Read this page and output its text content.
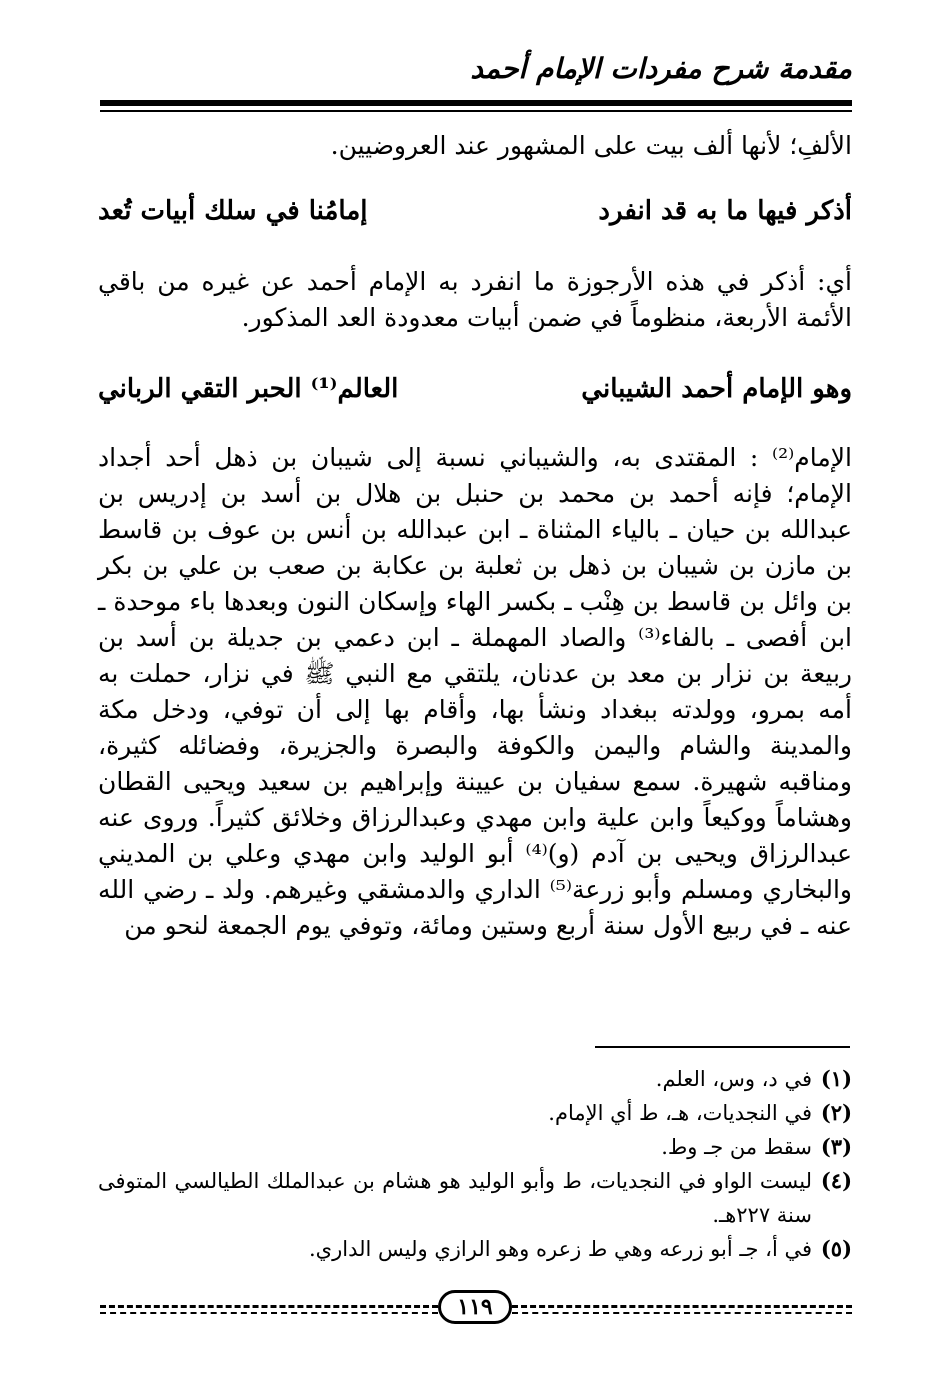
مقدمة شرح مفردات الإمام أحمد
الألفِ؛ لأنها ألف بيت على المشهور عند العروضيين.
أذكر فيها ما به قد انفرد
إمامُنا في سلك أبيات تُعد
أي: أذكر في هذه الأرجوزة ما انفرد به الإمام أحمد عن غيره من باقي الأئمة الأربعة، منظوماً في ضمن أبيات معدودة العد المذكور.
وهو الإمام أحمد الشيباني
العالم⁽¹⁾ الحبر التقي الرباني
الإمام⁽²⁾ : المقتدى به، والشيباني نسبة إلى شيبان بن ذهل أحد أجداد الإمام؛ فإنه أحمد بن محمد بن حنبل بن هلال بن أسد بن إدريس بن عبدالله بن حيان ـ بالياء المثناة ـ ابن عبدالله بن أنس بن عوف بن قاسط بن مازن بن شيبان بن ذهل بن ثعلبة بن عكابة بن صعب بن علي بن بكر بن وائل بن قاسط بن هِنْب ـ بكسر الهاء وإسكان النون وبعدها باء موحدة ـ ابن أفصى ـ بالفاء⁽³⁾ والصاد المهملة ـ ابن دعمي بن جديلة بن أسد بن ربيعة بن نزار بن معد بن عدنان، يلتقي مع النبي ﷺ في نزار، حملت به أمه بمرو، وولدته ببغداد ونشأ بها، وأقام بها إلى أن توفي، ودخل مكة والمدينة والشام واليمن والكوفة والبصرة والجزيرة، وفضائله كثيرة، ومناقبه شهيرة. سمع سفيان بن عيينة وإبراهيم بن سعيد ويحيى القطان وهشاماً ووكيعاً وابن علية وابن مهدي وعبدالرزاق وخلائق كثيراً. وروى عنه عبدالرزاق ويحيى بن آدم (و)⁽⁴⁾ أبو الوليد وابن مهدي وعلي بن المديني والبخاري ومسلم وأبو زرعة⁽⁵⁾ الداري والدمشقي وغيرهم. ولد ـ رضي الله عنه ـ في ربيع الأول سنة أربع وستين ومائة، وتوفي يوم الجمعة لنحو من
(١)
في د، وس، العلم.
(٢)
في النجديات، هـ، ط أي الإمام.
(٣)
سقط من جـ وط.
(٤)
ليست الواو في النجديات، ط وأبو الوليد هو هشام بن عبدالملك الطيالسي المتوفى سنة ٢٢٧هـ.
(٥)
في أ، جـ أبو زرعه وهي ط زعره وهو الرازي وليس الداري.
١١٩
